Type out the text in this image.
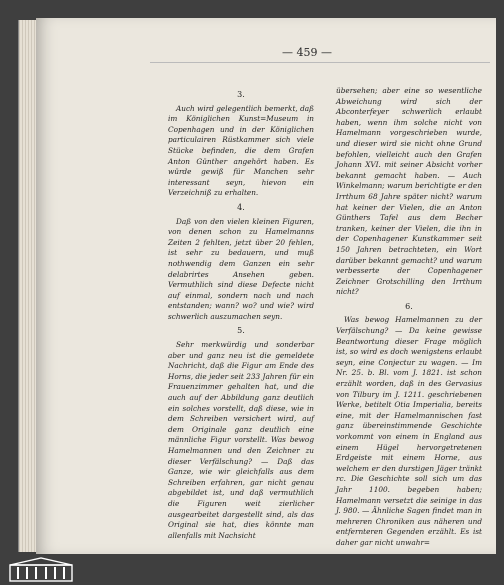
— 459 —
3.

Auch wird gelegentlich bemerkt, daß im Königlichen Kunst=Museum in Copenhagen und in der Königlichen particulairen Rüstkammer sich viele Stücke befinden, die dem Grafen Anton Günther angehört haben. Es würde gewiß für Manchen sehr interessant seyn, hievon ein Verzeichniß zu erhalten.

4.

Daß von den vielen kleinen Figuren, von denen schon zu Hamelmanns Zeiten 2 fehlten, jetzt über 20 fehlen, ist sehr zu bedauern, und muß nothwendig dem Ganzen ein sehr delabrirtes Ansehen geben. Vermuthlich sind diese Defecte nicht auf einmal, sondern nach und nach entstanden; wann? wo? und wie? wird schwerlich auszumachen seyn.

5.

Sehr merkwürdig und sonderbar aber und ganz neu ist die gemeldete Nachricht, daß die Figur am Ende des Horns, die jeder seit 233 Jahren für ein Frauenzimmer gehalten hat, und die auch auf der Abbildung ganz deutlich ein solches vorstellt, daß diese, wie in dem Schreiben versichert wird, auf dem Originale ganz deutlich eine männliche Figur vorstellt. Was bewog Hamelmannen und den Zeichner zu dieser Verfälschung? — Daß das Ganze, wie wir gleichfalls aus dem Schreiben erfahren, gar nicht genau abgebildet ist, und daß vermuthlich die Figuren weit zierlicher ausgearbeitet dargestellt sind, als das Original sie hat, dies könnte man allenfalls mit Nachsicht

übersehen; aber eine so wesentliche Abweichung wird sich der Abconterfeyer schwerlich erlaubt haben, wenn ihm solche nicht von Hamelmann vorgeschrieben wurde, und dieser wird sie nicht ohne Grund befohlen, vielleicht auch den Grafen Johann XVI. mit seiner Absicht vorher bekannt gemacht haben. — Auch Winkelmann; warum berichtigte er den Irrthum 68 Jahre später nicht? warum hat keiner der Vielen, die an Anton Günthers Tafel aus dem Becher tranken, keiner der Vielen, die ihn in der Copenhagener Kunstkammer seit 150 Jahren betrachteten, ein Wort darüber bekannt gemacht? und warum verbesserte der Copenhagener Zeichner Grotschilling den Irrthum nicht?

6.

Was bewog Hamelmannen zu der Verfälschung? — Da keine gewisse Beantwortung dieser Frage möglich ist, so wird es doch wenigstens erlaubt seyn, eine Conjectur zu wagen. — Im Nr. 25. b. Bl. vom J. 1821. ist schon erzählt worden, daß in des Gervasius von Tilbury im J. 1211. geschriebenen Werke, betitelt Otia Imperialia, bereits eine, mit der Hamelmannischen fast ganz übereinstimmende Geschichte vorkommt von einem in England aus einem Hügel hervorgetretenen Erdgeiste mit einem Horne, aus welchem er den durstigen Jäger tränkt rc. Die Geschichte soll sich um das Jahr 1100. begeben haben; Hamelmann versetzt die seinige in das J. 980. — Ähnliche Sagen findet man in mehreren Chroniken aus näheren und entfernteren Gegenden erzählt. Es ist daher gar nicht unwahr=
